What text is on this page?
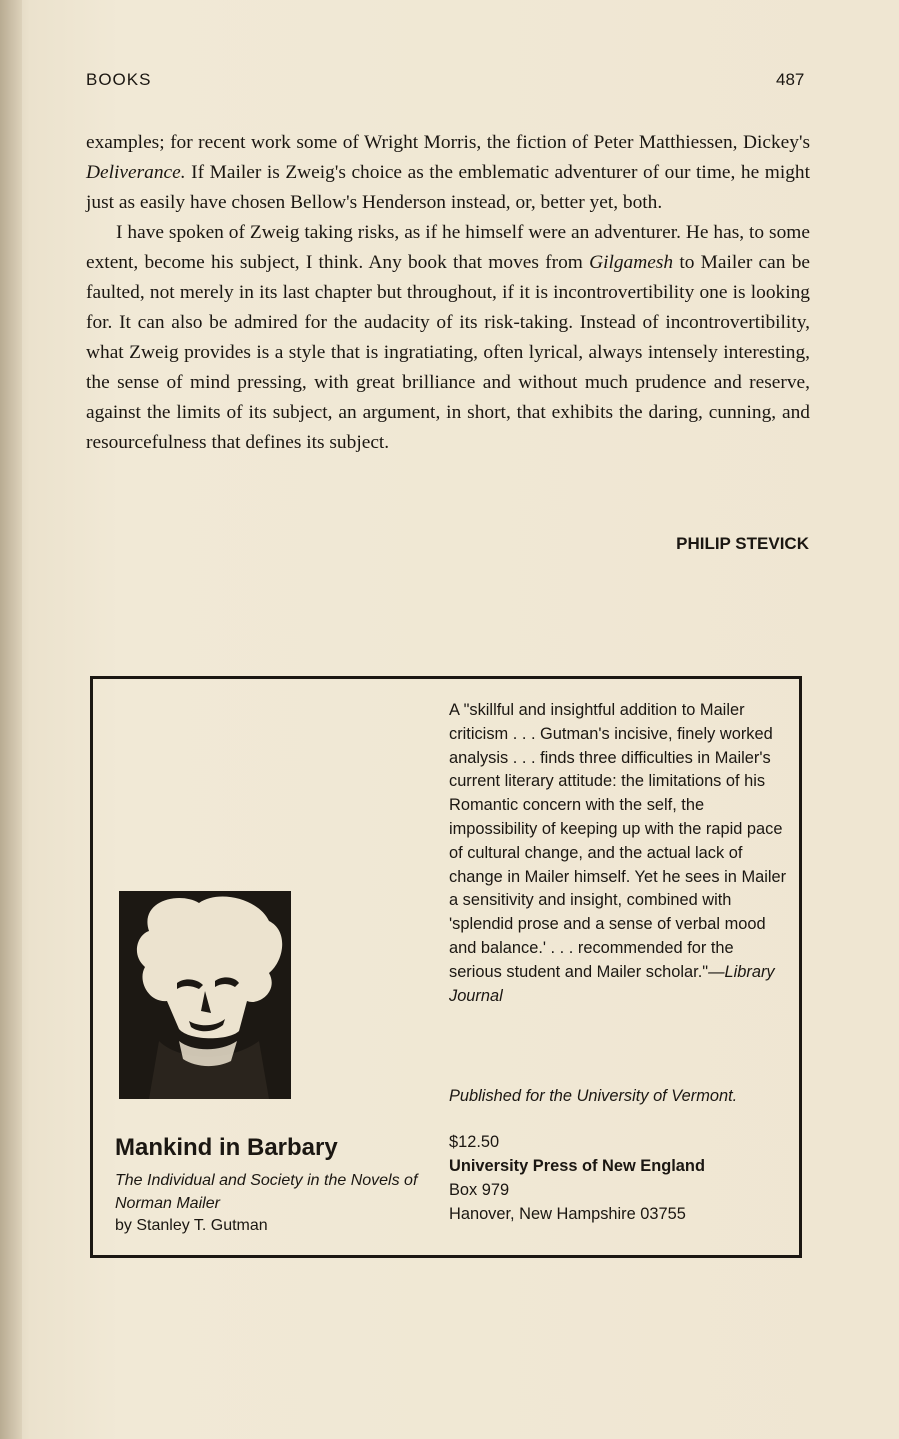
BOOKS	487

examples; for recent work some of Wright Morris, the fiction of Peter Matthiessen, Dickey's Deliverance. If Mailer is Zweig's choice as the emblematic adventurer of our time, he might just as easily have chosen Bellow's Henderson instead, or, better yet, both.

I have spoken of Zweig taking risks, as if he himself were an adventurer. He has, to some extent, become his subject, I think. Any book that moves from Gilgamesh to Mailer can be faulted, not merely in its last chapter but throughout, if it is incontrovertibility one is looking for. It can also be admired for the audacity of its risk-taking. Instead of incontrovertibility, what Zweig provides is a style that is ingratiating, often lyrical, always intensely interesting, the sense of mind pressing, with great brilliance and without much prudence and reserve, against the limits of its subject, an argument, in short, that exhibits the daring, cunning, and resourcefulness that defines its subject.

PHILIP STEVICK
Mankind in Barbary
The Individual and Society in the Novels of Norman Mailer
by Stanley T. Gutman
A "skillful and insightful addition to Mailer criticism . . . Gutman's incisive, finely worked analysis . . . finds three difficulties in Mailer's current literary attitude: the limitations of his Romantic concern with the self, the impossibility of keeping up with the rapid pace of cultural change, and the actual lack of change in Mailer himself. Yet he sees in Mailer a sensitivity and insight, combined with 'splendid prose and a sense of verbal mood and balance.' . . . recommended for the serious student and Mailer scholar."—Library Journal
Published for the University of Vermont.
$12.50
University Press of New England
Box 979
Hanover, New Hampshire 03755
